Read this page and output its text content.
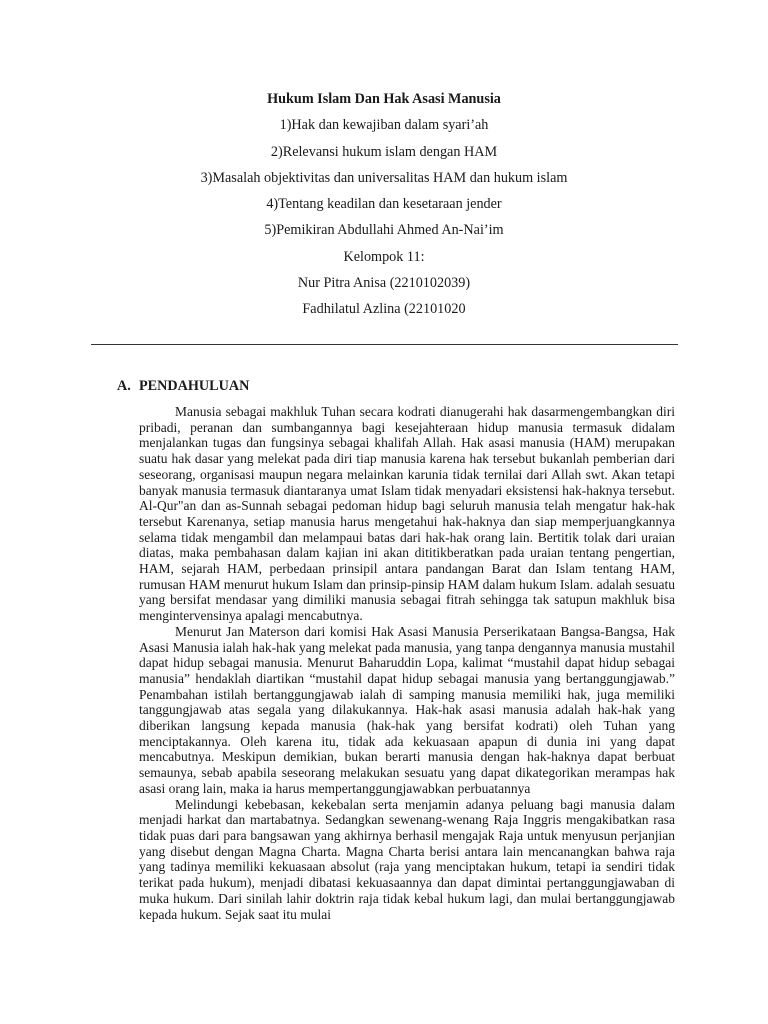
Hukum Islam Dan Hak Asasi Manusia
1)Hak dan kewajiban dalam syari’ah
2)Relevansi hukum islam dengan HAM
3)Masalah objektivitas dan universalitas HAM dan hukum islam
4)Tentang keadilan dan kesetaraan jender
5)Pemikiran Abdullahi Ahmed An-Nai’im
Kelompok 11:
Nur Pitra Anisa (2210102039)
Fadhilatul Azlina (22101020
A. PENDAHULUAN

Manusia sebagai makhluk Tuhan secara kodrati dianugerahi hak dasarmengembangkan diri pribadi, peranan dan sumbangannya bagi kesejahteraan hidup manusia termasuk didalam menjalankan tugas dan fungsinya sebagai khalifah Allah. Hak asasi manusia (HAM) merupakan suatu hak dasar yang melekat pada diri tiap manusia karena hak tersebut bukanlah pemberian dari seseorang, organisasi maupun negara melainkan karunia tidak ternilai dari Allah swt. Akan tetapi banyak manusia termasuk diantaranya umat Islam tidak menyadari eksistensi hak-haknya tersebut. Al-Qur"an dan as-Sunnah sebagai pedoman hidup bagi seluruh manusia telah mengatur hak-hak tersebut Karenanya, setiap manusia harus mengetahui hak-haknya dan siap memperjuangkannya selama tidak mengambil dan melampaui batas dari hak-hak orang lain. Bertitik tolak dari uraian diatas, maka pembahasan dalam kajian ini akan dititikberatkan pada uraian tentang pengertian, HAM, sejarah HAM, perbedaan prinsipil antara pandangan Barat dan Islam tentang HAM, rumusan HAM menurut hukum Islam dan prinsip-pinsip HAM dalam hukum Islam. adalah sesuatu yang bersifat mendasar yang dimiliki manusia sebagai fitrah sehingga tak satupun makhluk bisa mengintervensinya apalagi mencabutnya.

Menurut Jan Materson dari komisi Hak Asasi Manusia Perserikataan Bangsa-Bangsa, Hak Asasi Manusia ialah hak-hak yang melekat pada manusia, yang tanpa dengannya manusia mustahil dapat hidup sebagai manusia. Menurut Baharuddin Lopa, kalimat “mustahil dapat hidup sebagai manusia” hendaklah diartikan “mustahil dapat hidup sebagai manusia yang bertanggungjawab.” Penambahan istilah bertanggungjawab ialah di samping manusia memiliki hak, juga memiliki tanggungjawab atas segala yang dilakukannya. Hak-hak asasi manusia adalah hak-hak yang diberikan langsung kepada manusia (hak-hak yang bersifat kodrati) oleh Tuhan yang menciptakannya. Oleh karena itu, tidak ada kekuasaan apapun di dunia ini yang dapat mencabutnya. Meskipun demikian, bukan berarti manusia dengan hak-haknya dapat berbuat semaunya, sebab apabila seseorang melakukan sesuatu yang dapat dikategorikan merampas hak asasi orang lain, maka ia harus mempertanggungjawabkan perbuatannya

Melindungi kebebasan, kekebalan serta menjamin adanya peluang bagi manusia dalam menjadi harkat dan martabatnya. Sedangkan sewenang-wenang Raja Inggris mengakibatkan rasa tidak puas dari para bangsawan yang akhirnya berhasil mengajak Raja untuk menyusun perjanjian yang disebut dengan Magna Charta. Magna Charta berisi antara lain mencanangkan bahwa raja yang tadinya memiliki kekuasaan absolut (raja yang menciptakan hukum, tetapi ia sendiri tidak terikat pada hukum), menjadi dibatasi kekuasaannya dan dapat dimintai pertanggungjawaban di muka hukum. Dari sinilah lahir doktrin raja tidak kebal hukum lagi, dan mulai bertanggungjawab kepada hukum. Sejak saat itu mulai
